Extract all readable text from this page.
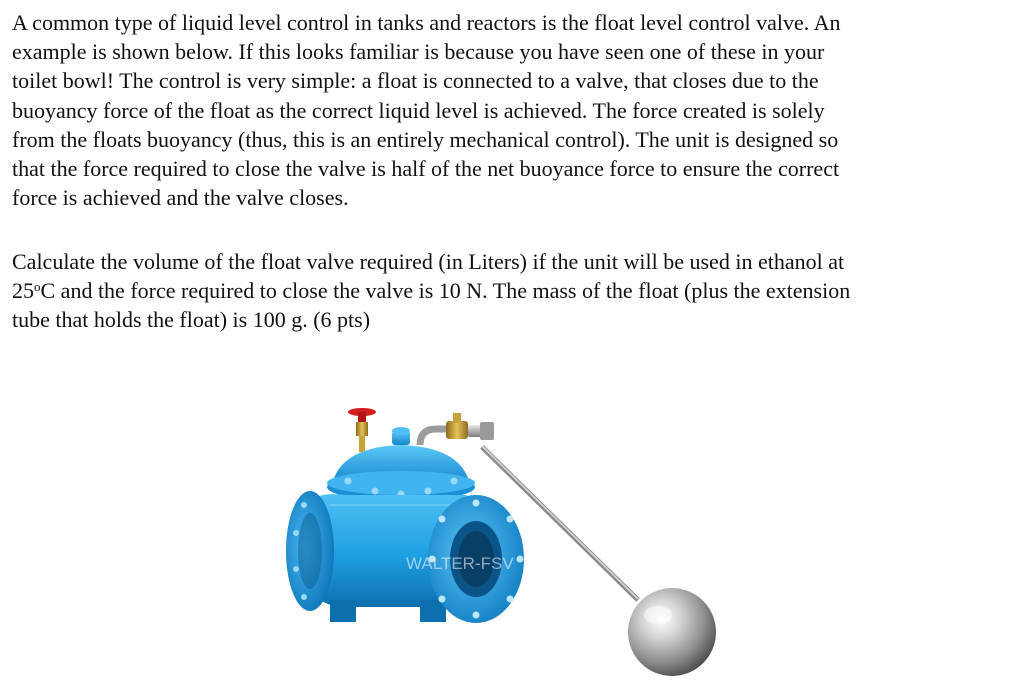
A common type of liquid level control in tanks and reactors is the float level control valve. An
example is shown below. If this looks familiar is because you have seen one of these in your
toilet bowl! The control is very simple: a float is connected to a valve, that closes due to the
buoyancy force of the float as the correct liquid level is achieved. The force created is solely
from the floats buoyancy (thus, this is an entirely mechanical control). The unit is designed so
that the force required to close the valve is half of the net buoyance force to ensure the correct
force is achieved and the valve closes.
Calculate the volume of the float valve required (in Liters) if the unit will be used in ethanol at
25$^o$C and the force required to close the valve is 10 N. The mass of the float (plus the extension
tube that holds the float) is 100 g. (6 pts)
WALTER-FSV
